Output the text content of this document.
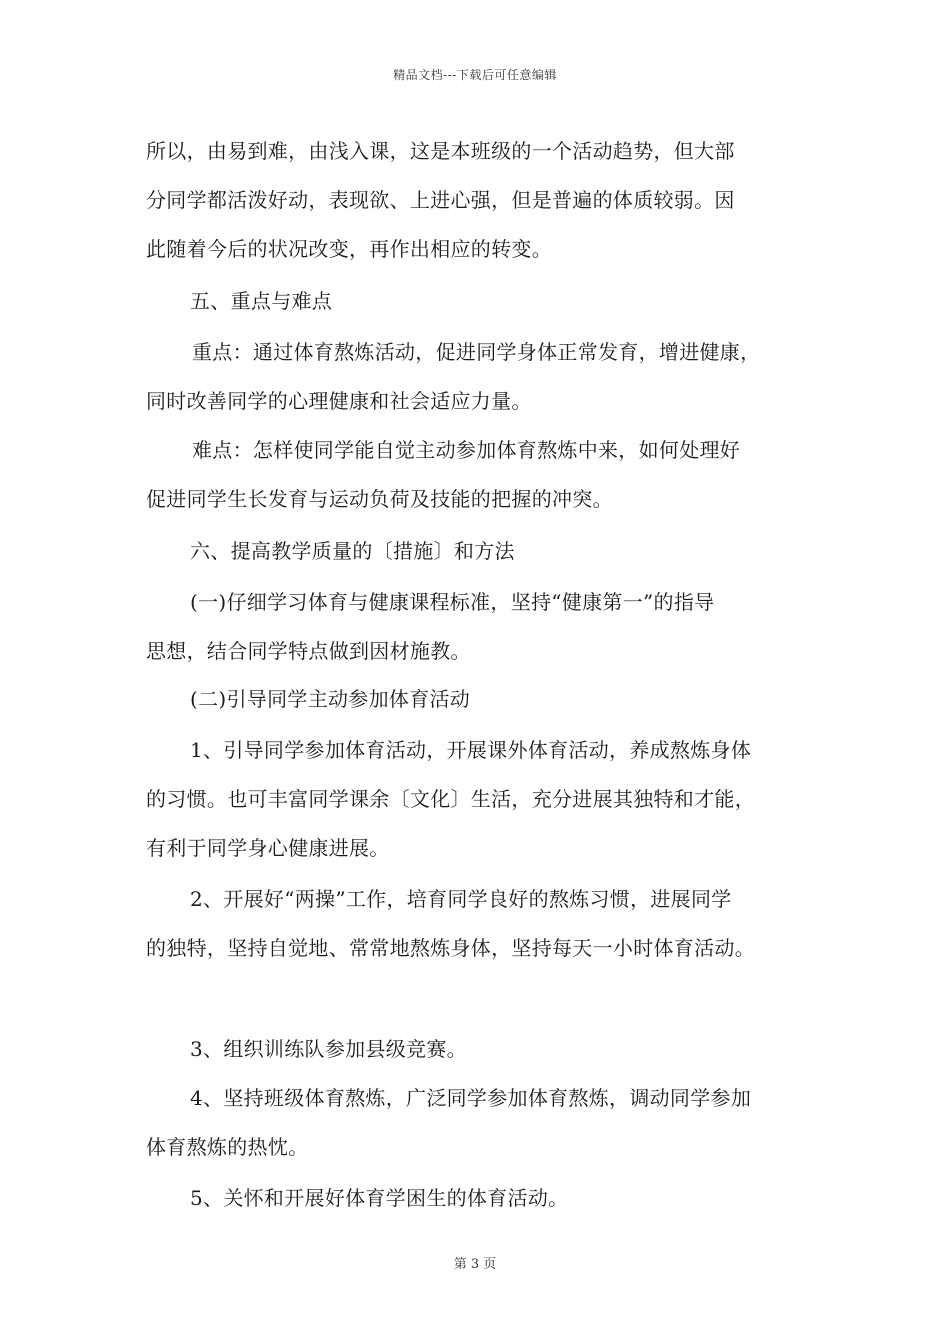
精品文档---下载后可任意编辑
所以，由易到难，由浅入课，这是本班级的一个活动趋势，但大部
分同学都活泼好动，表现欲、上进心强，但是普遍的体质较弱。因
此随着今后的状况改变，再作出相应的转变。
五、重点与难点
重点：通过体育熬炼活动，促进同学身体正常发育，增进健康，
同时改善同学的心理健康和社会适应力量。
难点：怎样使同学能自觉主动参加体育熬炼中来，如何处理好
促进同学生长发育与运动负荷及技能的把握的冲突。
六、提高教学质量的〔措施〕和方法
(一)仔细学习体育与健康课程标准，坚持“健康第一”的指导
思想，结合同学特点做到因材施教。
(二)引导同学主动参加体育活动
1、引导同学参加体育活动，开展课外体育活动，养成熬炼身体
的习惯。也可丰富同学课余〔文化〕生活，充分进展其独特和才能，
有利于同学身心健康进展。
2、开展好“两操”工作，培育同学良好的熬炼习惯，进展同学
的独特，坚持自觉地、常常地熬炼身体，坚持每天一小时体育活动。
3、组织训练队参加县级竞赛。
4、坚持班级体育熬炼，广泛同学参加体育熬炼，调动同学参加
体育熬炼的热忱。
5、关怀和开展好体育学困生的体育活动。
第 3 页
